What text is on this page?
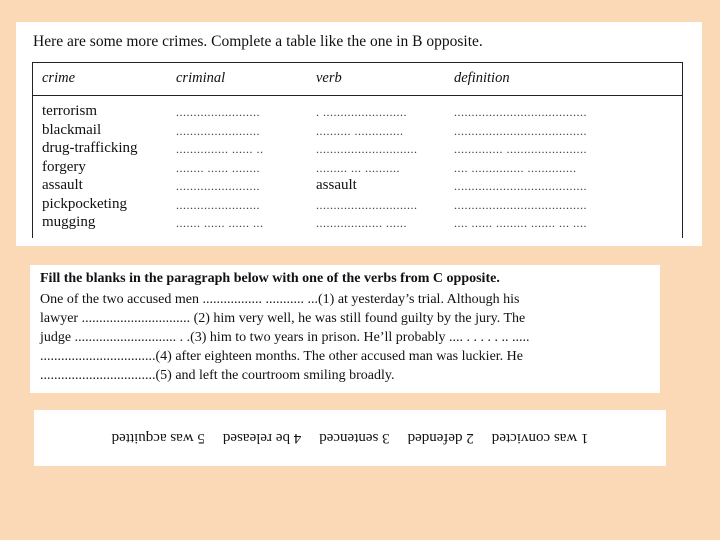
Here are some more crimes. Complete a table like the one in B opposite.
crime	criminal	verb	definition
terrorism	........................	. ........................	......................................
blackmail	........................	.......... ..............	......................................
drug-trafficking	............... ...... ..	.............................	.............. .......................
forgery	........ ...... ........	......... ... ..........	.... ............... ..............
assault	........................	assault	......................................
pickpocketing	........................	.............................	......................................
mugging	....... ...... ...... ...	................... ......	.... ...... ......... ....... ... ....
Fill the blanks in the paragraph below with one of the verbs from C opposite.
One of the two accused men ................. ........... ...(1) at yesterday’s trial. Although his
lawyer ............................... (2) him very well, he was still found guilty by the jury. The
judge ............................. . .(3) him to two years in prison. He’ll probably .... . . . . . .. .....
.................................(4) after eighteen months. The other accused man was luckier. He
.................................(5) and left the courtroom smiling broadly.
1 was convicted
2 defended
3 sentenced
4 be released
5 was acquitted
